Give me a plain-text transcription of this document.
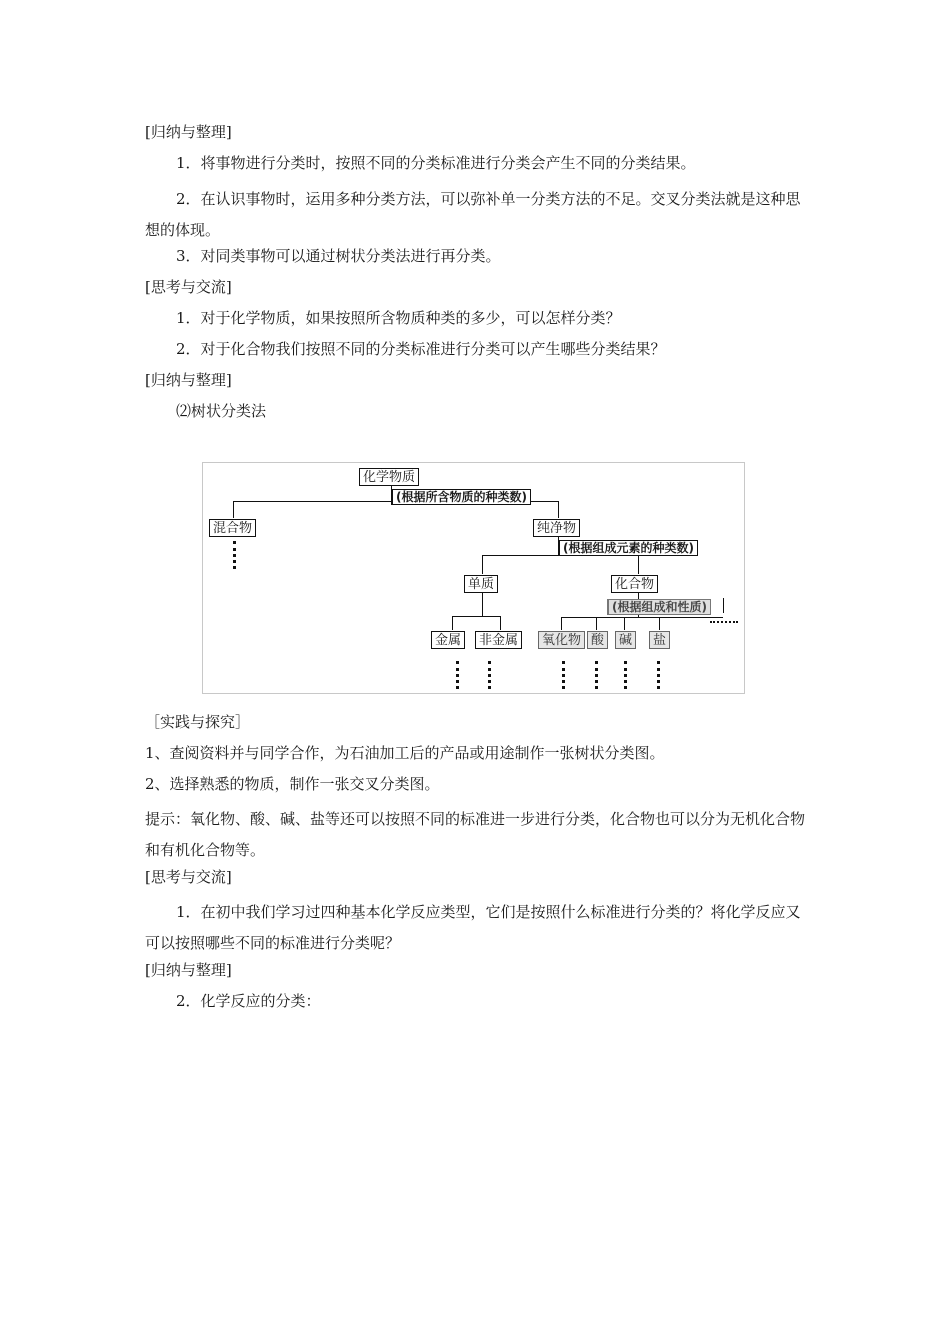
[归纳与整理]
1．将事物进行分类时，按照不同的分类标准进行分类会产生不同的分类结果。
2．在认识事物时，运用多种分类方法，可以弥补单一分类方法的不足。交叉分类法就是这种思想的体现。
3．对同类事物可以通过树状分类法进行再分类。
[思考与交流]
1．对于化学物质，如果按照所含物质种类的多少，可以怎样分类？
2．对于化合物我们按照不同的分类标准进行分类可以产生哪些分类结果？
[归纳与整理]
⑵树状分类法
化学物质
(根据所含物质的种类数)
混合物	纯净物
(根据组成元素的种类数)
单质	化合物
(根据组成和性质)
金属	非金属	氧化物 酸	碱	盐
［实践与探究］
1、查阅资料并与同学合作，为石油加工后的产品或用途制作一张树状分类图。
2、选择熟悉的物质，制作一张交叉分类图。
提示：氧化物、酸、碱、盐等还可以按照不同的标准进一步进行分类，化合物也可以分为无机化合物和有机化合物等。
[思考与交流]
1．在初中我们学习过四种基本化学反应类型，它们是按照什么标准进行分类的？将化学反应又可以按照哪些不同的标准进行分类呢？
[归纳与整理]
2．化学反应的分类：
